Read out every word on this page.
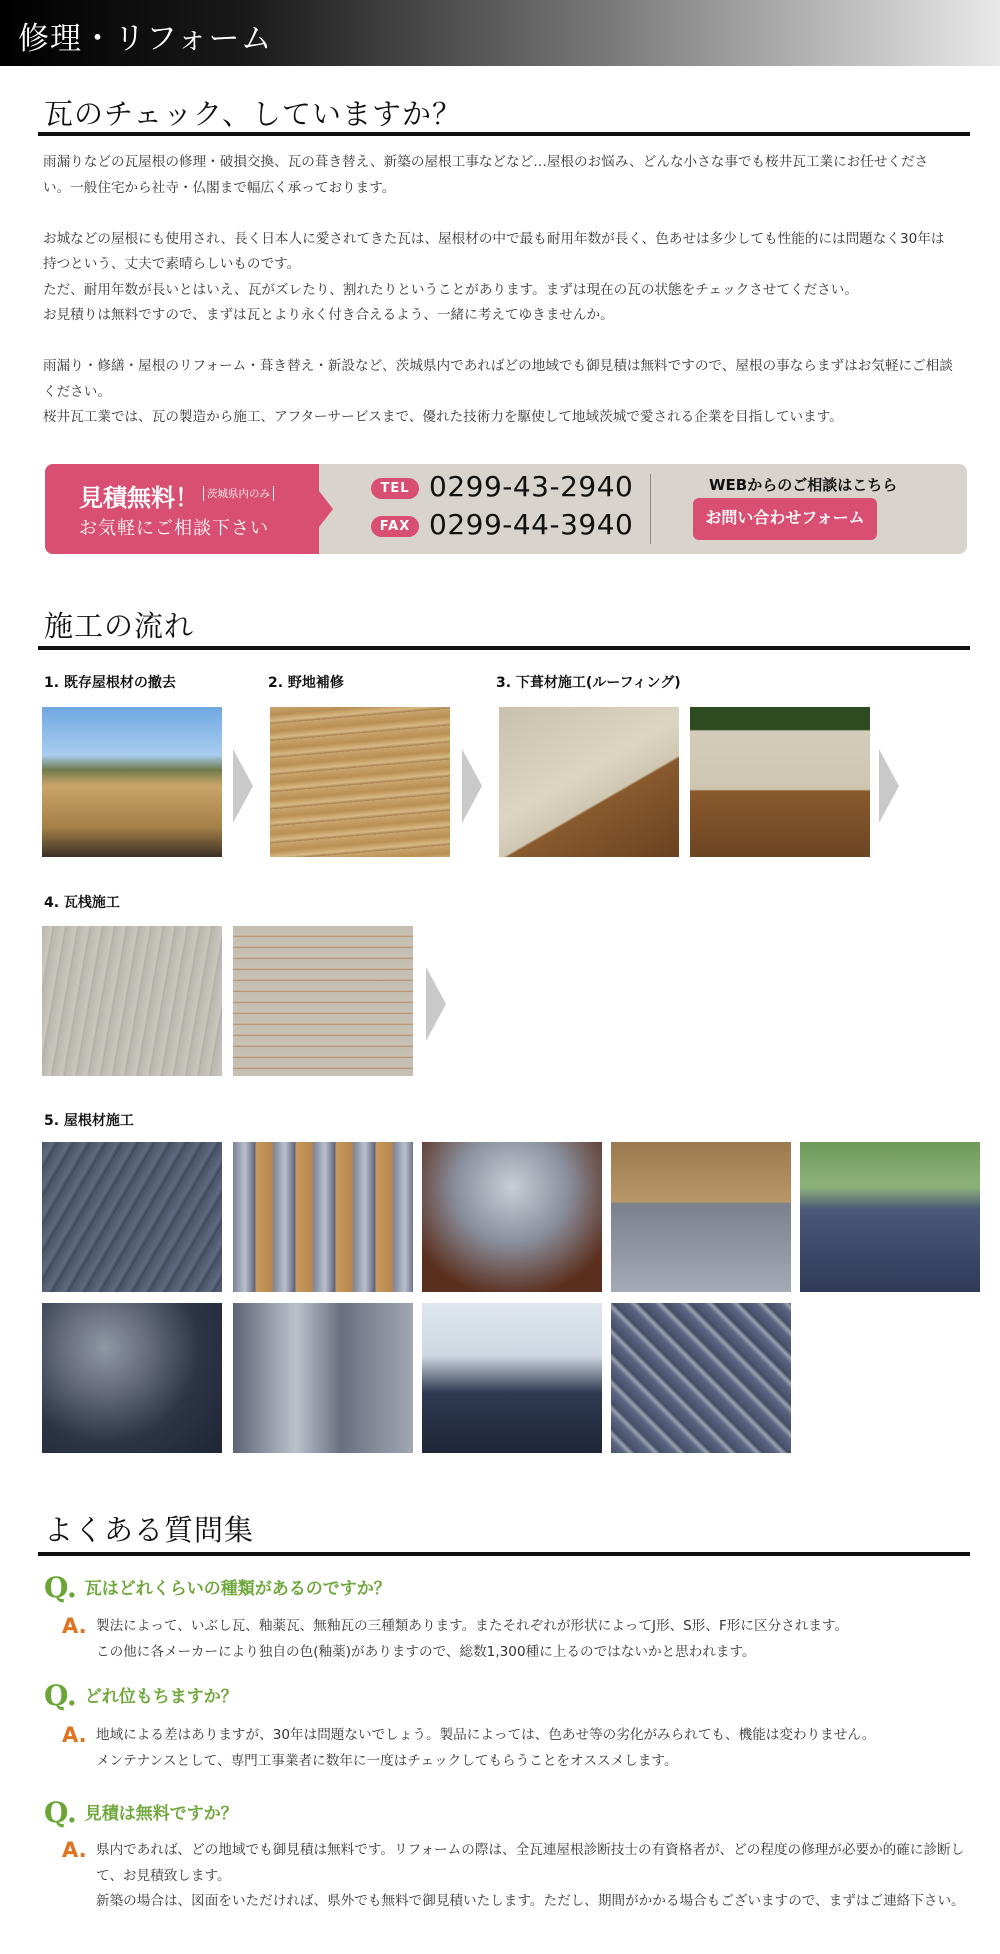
修理・リフォーム
瓦のチェック、していますか？

雨漏りなどの瓦屋根の修理・破損交換、瓦の葺き替え、新築の屋根工事などなど…屋根のお悩み、どんな小さな事でも桜井瓦工業にお任せください。一般住宅から社寺・仏閣まで幅広く承っております。

お城などの屋根にも使用され、長く日本人に愛されてきた瓦は、屋根材の中で最も耐用年数が長く、色あせは多少しても性能的には問題なく30年は持つという、丈夫で素晴らしいものです。
ただ、耐用年数が長いとはいえ、瓦がズレたり、割れたりということがあります。まずは現在の瓦の状態をチェックさせてください。
お見積りは無料ですので、まずは瓦とより永く付き合えるよう、一緒に考えてゆきませんか。

雨漏り・修繕・屋根のリフォーム・葺き替え・新設など、茨城県内であればどの地域でも御見積は無料ですので、屋根の事ならまずはお気軽にご相談ください。
桜井瓦工業では、瓦の製造から施工、アフターサービスまで、優れた技術力を駆使して地域茨城で愛される企業を目指しています。

見積無料！ 茨城県内のみ
お気軽にご相談下さい
TEL 0299-43-2940
FAX 0299-44-3940
WEBからのご相談はこちら
お問い合わせフォーム
施工の流れ
1. 既存屋根材の撤去	2. 野地補修	3. 下葺材施工(ルーフィング)
4. 瓦桟施工
5. 屋根材施工
よくある質問集
Q. 瓦はどれくらいの種類があるのですか？
A. 製法によって、いぶし瓦、釉薬瓦、無釉瓦の三種類あります。またそれぞれが形状によってJ形、S形、F形に区分されます。

この他に各メーカーにより独自の色(釉薬)がありますので、総数1,300種に上るのではないかと思われます。

Q. どれ位もちますか？
A. 地域による差はありますが、30年は問題ないでしょう。製品によっては、色あせ等の劣化がみられても、機能は変わりません。

メンテナンスとして、専門工事業者に数年に一度はチェックしてもらうことをオススメします。

Q. 見積は無料ですか？
A. 県内であれば、どの地域でも御見積は無料です。リフォームの際は、全瓦連屋根診断技士の有資格者が、どの程度の修理が必要か的確に診断して、お見積致します。

新築の場合は、図面をいただければ、県外でも無料で御見積いたします。ただし、期間がかかる場合もございますので、まずはご連絡下さい。
